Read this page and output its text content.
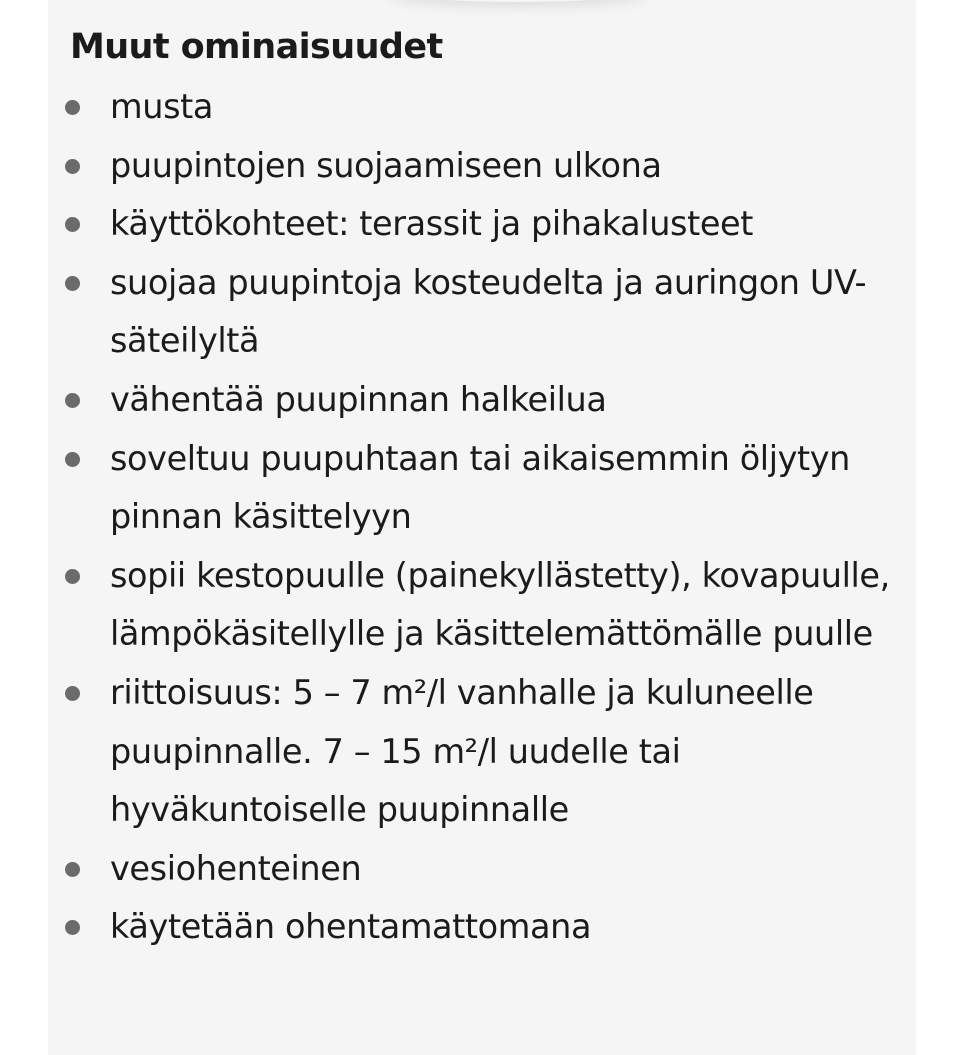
Muut ominaisuudet
musta
puupintojen suojaamiseen ulkona
käyttökohteet: terassit ja pihakalusteet
suojaa puupintoja kosteudelta ja auringon UV-säteilyltä
vähentää puupinnan halkeilua
soveltuu puupuhtaan tai aikaisemmin öljytyn pinnan käsittelyyn
sopii kestopuulle (painekyllästetty), kovapuulle, lämpökäsitellylle ja käsittelemättömälle puulle
riittoisuus: 5 – 7 m²/l vanhalle ja kuluneelle puupinnalle. 7 – 15 m²/l uudelle tai hyväkuntoiselle puupinnalle
vesiohenteinen
käytetään ohentamattomana
